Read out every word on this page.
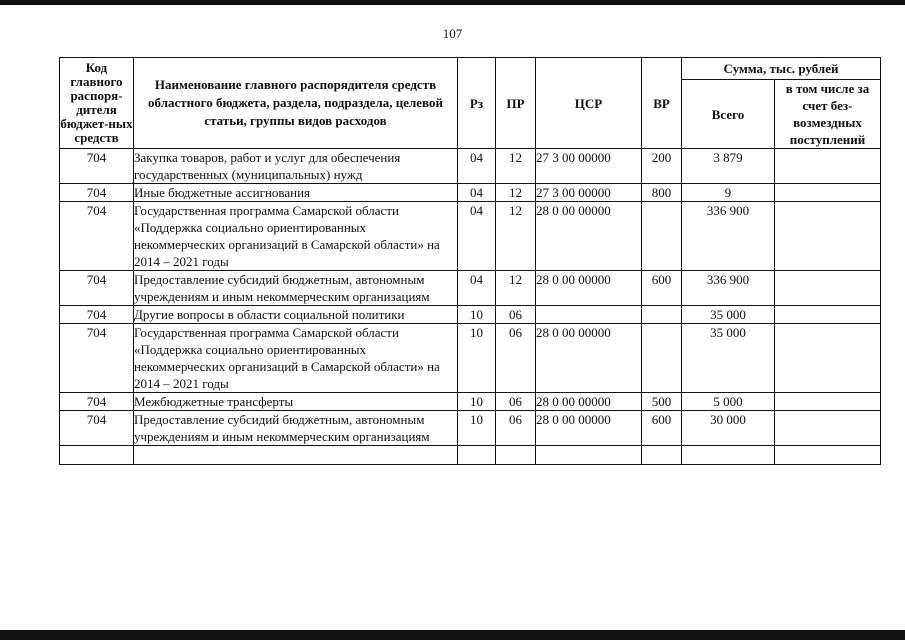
107
Код главного распоря-дителя бюджет-ных средств	Наименование главного распорядителя средств областного бюджета, раздела, подраздела, целевой статьи, группы видов расходов	Рз	ПР	ЦСР	ВР	Сумма, тыс. рублей	
						Всего	в том числе за счет без-возмездных поступлений
704	Закупка товаров, работ и услуг для обеспечения государственных (муниципальных) нужд	04	12	27 3 00 00000	200	3 879	
704	Иные бюджетные ассигнования	04	12	27 3 00 00000	800	9	
704	Государственная программа Самарской области «Поддержка социально ориентированных некоммерческих организаций в Самарской области» на 2014 – 2021 годы	04	12	28 0 00 00000		336 900	
704	Предоставление субсидий бюджетным, автономным учреждениям и иным некоммерческим организациям	04	12	28 0 00 00000	600	336 900	
704	Другие вопросы в области социальной политики	10	06			35 000	
704	Государственная программа Самарской области «Поддержка социально ориентированных некоммерческих организаций в Самарской области» на 2014 – 2021 годы	10	06	28 0 00 00000		35 000	
704	Межбюджетные трансферты	10	06	28 0 00 00000	500	5 000	
704	Предоставление субсидий бюджетным, автономным учреждениям и иным некоммерческим организациям	10	06	28 0 00 00000	600	30 000	
